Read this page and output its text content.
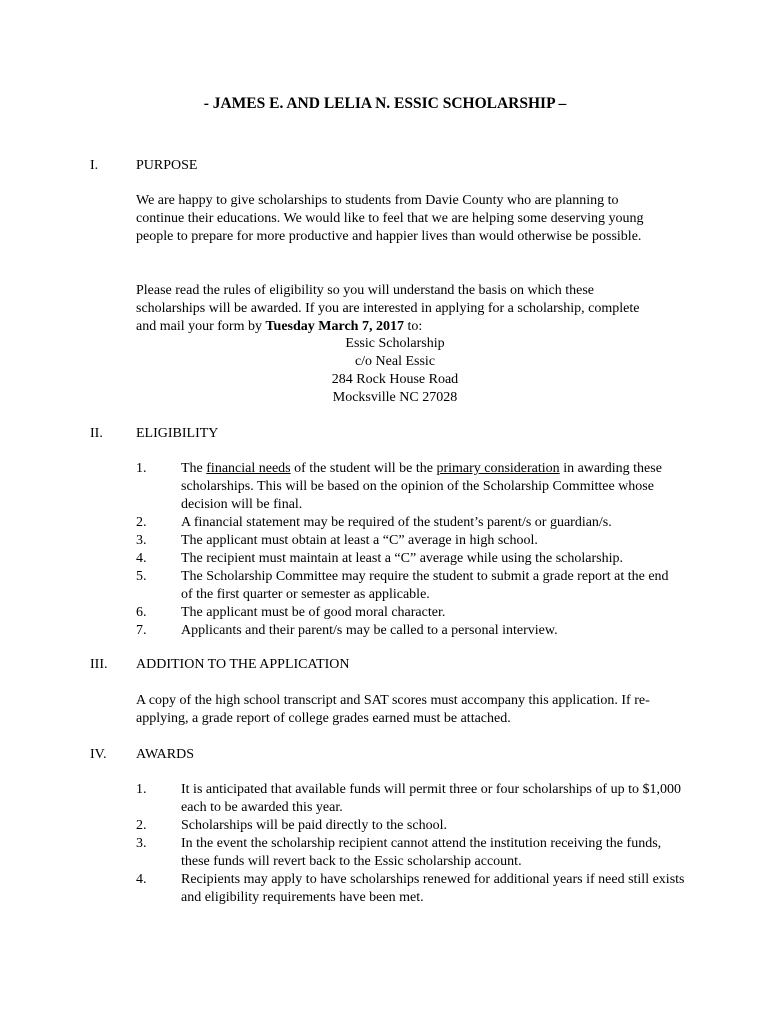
- JAMES E. AND LELIA N. ESSIC SCHOLARSHIP –
I.	PURPOSE

We are happy to give scholarships to students from Davie County who are planning to continue their educations. We would like to feel that we are helping some deserving young people to prepare for more productive and happier lives than would otherwise be possible.

Please read the rules of eligibility so you will understand the basis on which these scholarships will be awarded. If you are interested in applying for a scholarship, complete and mail your form by Tuesday March 7, 2017 to:

Essic Scholarship
c/o Neal Essic
284 Rock House Road
Mocksville NC 27028
II. ELIGIBILITY
1.	The financial needs of the student will be the primary consideration in awarding these scholarships. This will be based on the opinion of the Scholarship Committee whose decision will be final.
2.	A financial statement may be required of the student’s parent/s or guardian/s.
3.	The applicant must obtain at least a “C” average in high school.
4.	The recipient must maintain at least a “C” average while using the scholarship.
5.	The Scholarship Committee may require the student to submit a grade report at the end of the first quarter or semester as applicable.
6.	The applicant must be of good moral character.
7.	Applicants and their parent/s may be called to a personal interview.
III. ADDITION TO THE APPLICATION

A copy of the high school transcript and SAT scores must accompany this application. If re-applying, a grade report of college grades earned must be attached.

IV. AWARDS
1.	It is anticipated that available funds will permit three or four scholarships of up to $1,000 each to be awarded this year.
2.	Scholarships will be paid directly to the school.
3.	In the event the scholarship recipient cannot attend the institution receiving the funds, these funds will revert back to the Essic scholarship account.
4.	Recipients may apply to have scholarships renewed for additional years if need still exists and eligibility requirements have been met.
